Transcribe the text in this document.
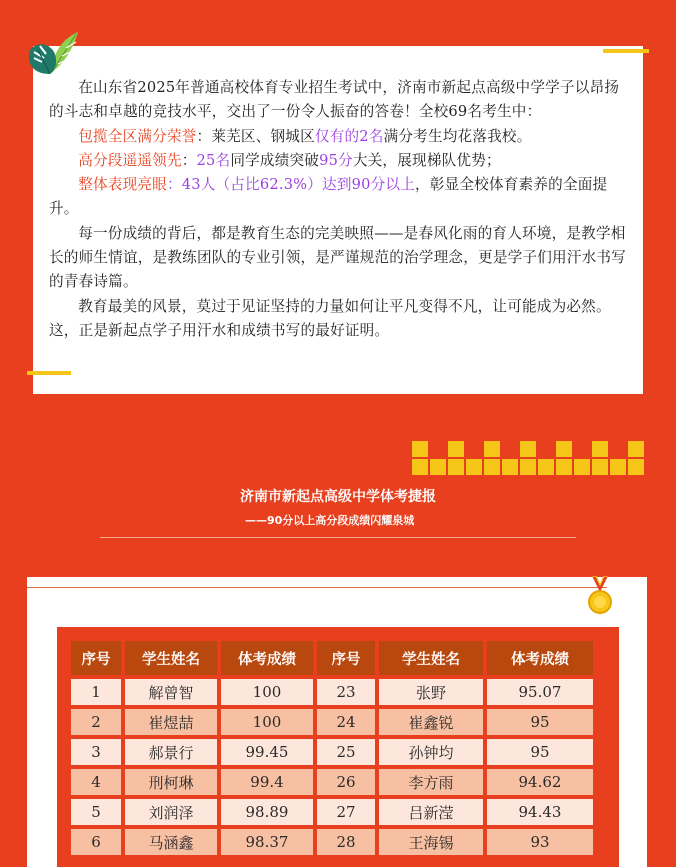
在山东省2025年普通高校体育专业招生考试中，济南市新起点高级中学学子以昂扬的斗志和卓越的竞技水平，交出了一份令人振奋的答卷！全校69名考生中：

包揽全区满分荣誉：莱芜区、钢城区仅有的2名满分考生均花落我校。

高分段遥遥领先：25名同学成绩突破95分大关，展现梯队优势；

整体表现亮眼：43人（占比62.3%）达到90分以上，彰显全校体育素养的全面提升。

每一份成绩的背后，都是教育生态的完美映照——是春风化雨的育人环境，是教学相长的师生情谊，是教练团队的专业引领，是严谨规范的治学理念，更是学子们用汗水书写的青春诗篇。

教育最美的风景，莫过于见证坚持的力量如何让平凡变得不凡，让可能成为必然。这，正是新起点学子用汗水和成绩书写的最好证明。

济南市新起点高级中学体考捷报
——90分以上高分段成绩闪耀泉城
序号	学生姓名	体考成绩	序号	学生姓名	体考成绩
1	解曾智	100	23	张野	95.07
2	崔煜喆	100	24	崔鑫锐	95
3	郝景行	99.45	25	孙钟均	95
4	刑柯琳	99.4	26	李方雨	94.62
5	刘润泽	98.89	27	吕新滢	94.43
6	马涵鑫	98.37	28	王海锡	93
